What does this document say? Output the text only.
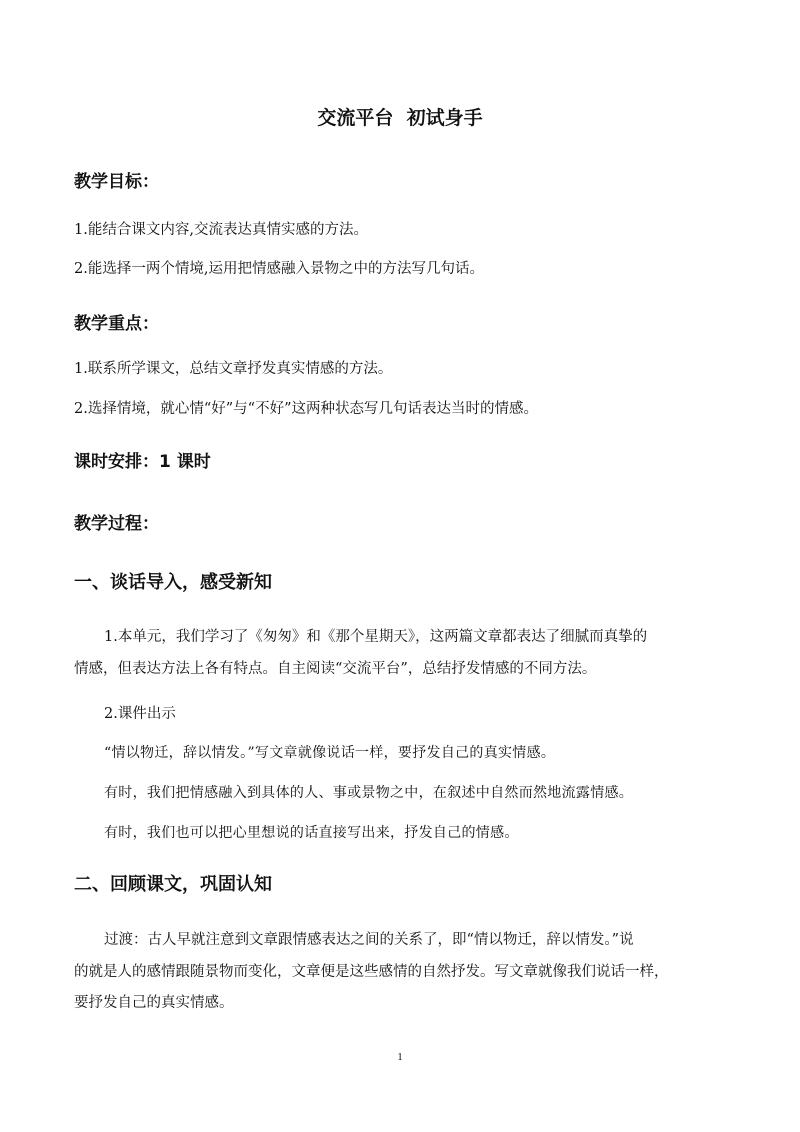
交流平台  初试身手
教学目标：
1.能结合课文内容,交流表达真情实感的方法。
2.能选择一两个情境,运用把情感融入景物之中的方法写几句话。
教学重点：
1.联系所学课文，总结文章抒发真实情感的方法。
2.选择情境，就心情“好”与“不好”这两种状态写几句话表达当时的情感。
课时安排：1 课时
教学过程：
一、谈话导入，感受新知
1.本单元，我们学习了《匆匆》和《那个星期天》，这两篇文章都表达了细腻而真挚的
情感，但表达方法上各有特点。自主阅读“交流平台”，总结抒发情感的不同方法。
2.课件出示
“情以物迁，辞以情发。”写文章就像说话一样，要抒发自己的真实情感。
有时，我们把情感融入到具体的人、事或景物之中，在叙述中自然而然地流露情感。
有时，我们也可以把心里想说的话直接写出来，抒发自己的情感。
二、回顾课文，巩固认知
过渡：古人早就注意到文章跟情感表达之间的关系了，即“情以物迁，辞以情发。”说
的就是人的感情跟随景物而变化，文章便是这些感情的自然抒发。写文章就像我们说话一样，
要抒发自己的真实情感。
1
